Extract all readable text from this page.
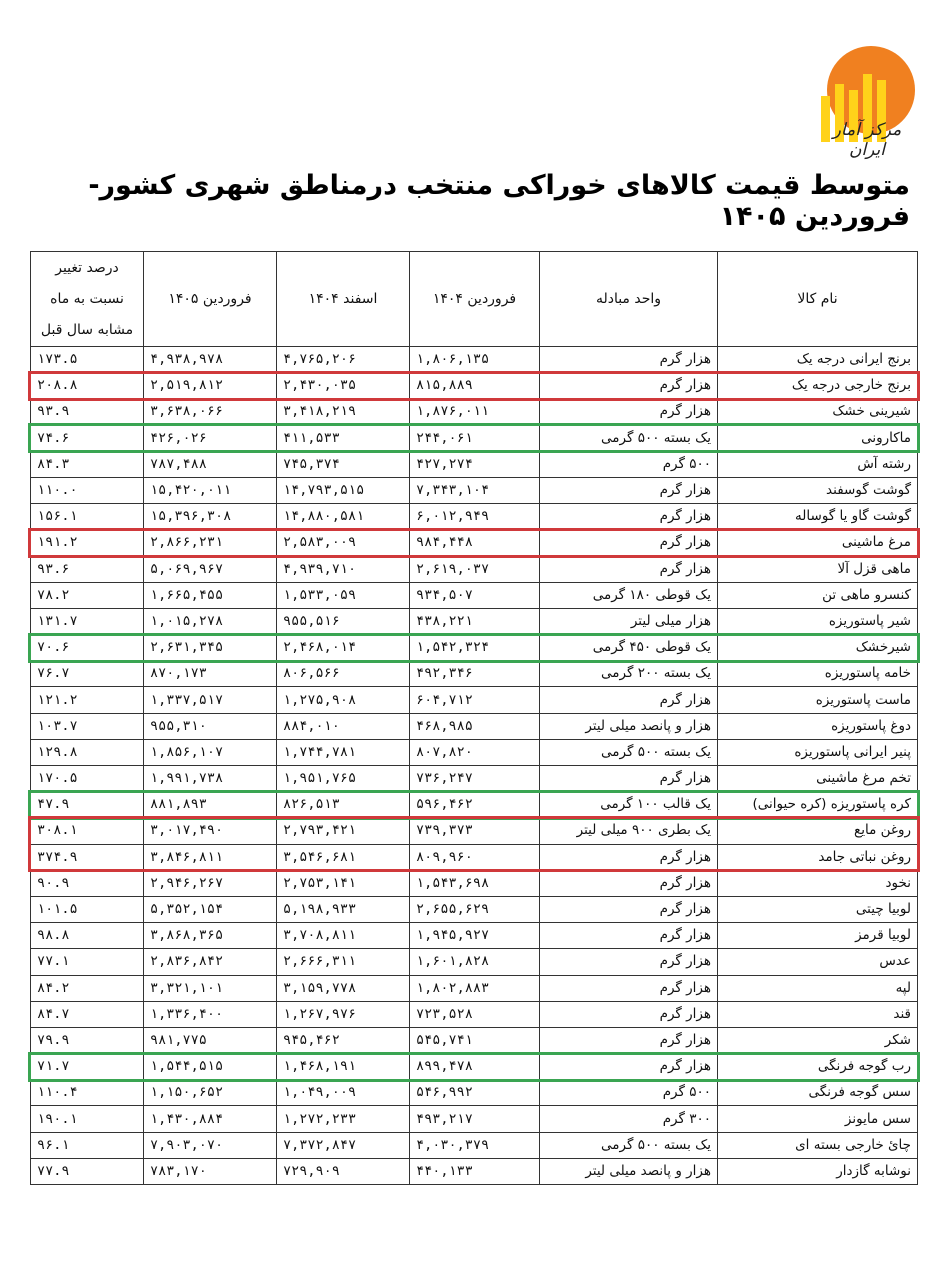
مرکز آمار ایران
متوسط قیمت کالاهای خوراکی منتخب درمناطق شهری کشور- فروردین ۱۴۰۵
نام کالا	واحد مبادله	فروردین ۱۴۰۴	اسفند ۱۴۰۴	فروردین ۱۴۰۵	درصد تغییر
نسبت به ماه
مشابه سال قبل

برنج ایرانی درجه یک	هزار گرم	۱,۸۰۶,۱۳۵	۴,۷۶۵,۲۰۶	۴,۹۳۸,۹۷۸	۱۷۳.۵
برنج خارجی درجه یک	هزار گرم	۸۱۵,۸۸۹	۲,۴۳۰,۰۳۵	۲,۵۱۹,۸۱۲	۲۰۸.۸
شیرینی خشک	هزار گرم	۱,۸۷۶,۰۱۱	۳,۴۱۸,۲۱۹	۳,۶۳۸,۰۶۶	۹۳.۹
ماکارونی	یک بسته ۵۰۰ گرمی	۲۴۴,۰۶۱	۴۱۱,۵۳۳	۴۲۶,۰۲۶	۷۴.۶
رشته آش	۵۰۰ گرم	۴۲۷,۲۷۴	۷۴۵,۳۷۴	۷۸۷,۴۸۸	۸۴.۳
گوشت گوسفند	هزار گرم	۷,۳۴۳,۱۰۴	۱۴,۷۹۳,۵۱۵	۱۵,۴۲۰,۰۱۱	۱۱۰.۰
گوشت گاو یا گوساله	هزار گرم	۶,۰۱۲,۹۴۹	۱۴,۸۸۰,۵۸۱	۱۵,۳۹۶,۳۰۸	۱۵۶.۱
مرغ ماشینی	هزار گرم	۹۸۴,۴۴۸	۲,۵۸۳,۰۰۹	۲,۸۶۶,۲۳۱	۱۹۱.۲
ماهی قزل آلا	هزار گرم	۲,۶۱۹,۰۳۷	۴,۹۳۹,۷۱۰	۵,۰۶۹,۹۶۷	۹۳.۶
کنسرو ماهی تن	یک قوطی ۱۸۰ گرمی	۹۳۴,۵۰۷	۱,۵۳۳,۰۵۹	۱,۶۶۵,۴۵۵	۷۸.۲
شیر پاستوریزه	هزار میلی لیتر	۴۳۸,۲۲۱	۹۵۵,۵۱۶	۱,۰۱۵,۲۷۸	۱۳۱.۷
شیرخشک	یک قوطی ۴۵۰ گرمی	۱,۵۴۲,۳۲۴	۲,۴۶۸,۰۱۴	۲,۶۳۱,۳۴۵	۷۰.۶
خامه پاستوریزه	یک بسته ۲۰۰ گرمی	۴۹۲,۳۴۶	۸۰۶,۵۶۶	۸۷۰,۱۷۳	۷۶.۷
ماست پاستوریزه	هزار گرم	۶۰۴,۷۱۲	۱,۲۷۵,۹۰۸	۱,۳۳۷,۵۱۷	۱۲۱.۲
دوغ پاستوریزه	هزار و پانصد میلی لیتر	۴۶۸,۹۸۵	۸۸۴,۰۱۰	۹۵۵,۳۱۰	۱۰۳.۷
پنیر ایرانی پاستوریزه	یک بسته ۵۰۰ گرمی	۸۰۷,۸۲۰	۱,۷۴۴,۷۸۱	۱,۸۵۶,۱۰۷	۱۲۹.۸
تخم مرغ ماشینی	هزار گرم	۷۳۶,۲۴۷	۱,۹۵۱,۷۶۵	۱,۹۹۱,۷۳۸	۱۷۰.۵
کره پاستوریزه (کره حیوانی)	یک قالب ۱۰۰ گرمی	۵۹۶,۴۶۲	۸۲۶,۵۱۳	۸۸۱,۸۹۳	۴۷.۹
روغن مایع	یک بطری ۹۰۰ میلی لیتر	۷۳۹,۳۷۳	۲,۷۹۳,۴۲۱	۳,۰۱۷,۴۹۰	۳۰۸.۱
روغن نباتی جامد	هزار گرم	۸۰۹,۹۶۰	۳,۵۴۶,۶۸۱	۳,۸۴۶,۸۱۱	۳۷۴.۹
نخود	هزار گرم	۱,۵۴۳,۶۹۸	۲,۷۵۳,۱۴۱	۲,۹۴۶,۲۶۷	۹۰.۹
لوبیا چیتی	هزار گرم	۲,۶۵۵,۶۲۹	۵,۱۹۸,۹۳۳	۵,۳۵۲,۱۵۴	۱۰۱.۵
لوبیا قرمز	هزار گرم	۱,۹۴۵,۹۲۷	۳,۷۰۸,۸۱۱	۳,۸۶۸,۳۶۵	۹۸.۸
عدس	هزار گرم	۱,۶۰۱,۸۲۸	۲,۶۶۶,۳۱۱	۲,۸۳۶,۸۴۲	۷۷.۱
لپه	هزار گرم	۱,۸۰۲,۸۸۳	۳,۱۵۹,۷۷۸	۳,۳۲۱,۱۰۱	۸۴.۲
قند	هزار گرم	۷۲۳,۵۲۸	۱,۲۶۷,۹۷۶	۱,۳۳۶,۴۰۰	۸۴.۷
شکر	هزار گرم	۵۴۵,۷۴۱	۹۴۵,۴۶۲	۹۸۱,۷۷۵	۷۹.۹
رب گوجه فرنگی	هزار گرم	۸۹۹,۴۷۸	۱,۴۶۸,۱۹۱	۱,۵۴۴,۵۱۵	۷۱.۷
سس گوجه فرنگی	۵۰۰ گرم	۵۴۶,۹۹۲	۱,۰۴۹,۰۰۹	۱,۱۵۰,۶۵۲	۱۱۰.۴
سس مایونز	۳۰۰ گرم	۴۹۳,۲۱۷	۱,۲۷۲,۲۳۳	۱,۴۳۰,۸۸۴	۱۹۰.۱
چائ خارجی بسته ای	یک بسته ۵۰۰ گرمی	۴,۰۳۰,۳۷۹	۷,۳۷۲,۸۴۷	۷,۹۰۳,۰۷۰	۹۶.۱
نوشابه گازدار	هزار و پانصد میلی لیتر	۴۴۰,۱۳۳	۷۲۹,۹۰۹	۷۸۳,۱۷۰	۷۷.۹
